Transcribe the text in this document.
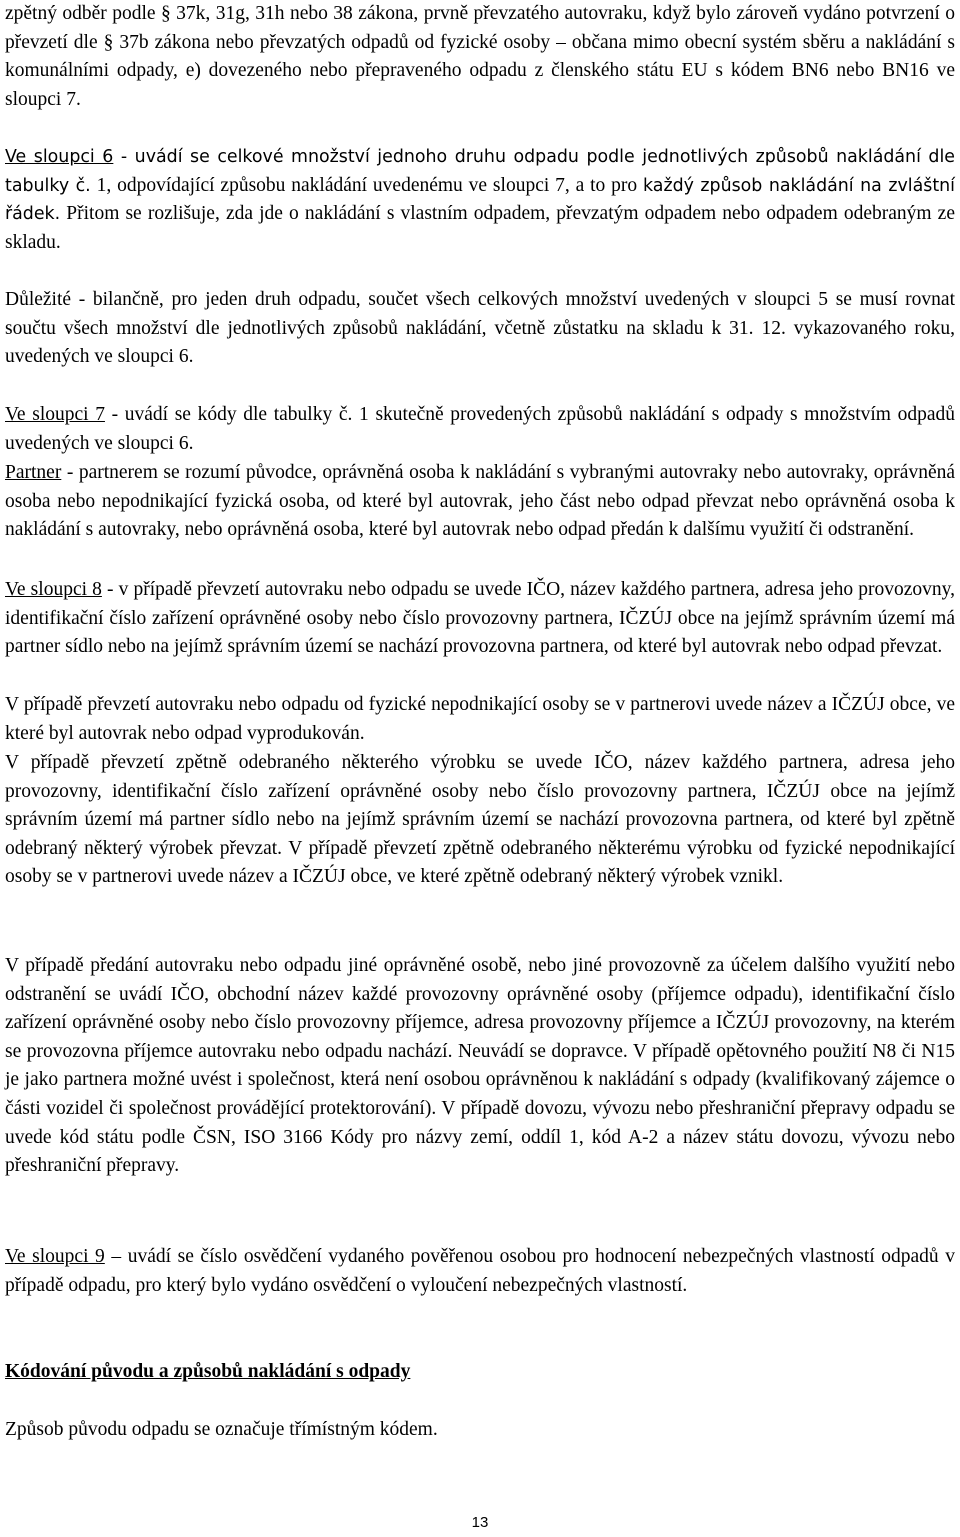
zpětný odběr podle § 37k, 31g, 31h nebo 38 zákona, prvně převzatého autovraku, když bylo zároveň vydáno potvrzení o převzetí dle § 37b zákona nebo převzatých odpadů od fyzické osoby – občana mimo obecní systém sběru a nakládání s komunálními odpady, e) dovezeného nebo přepraveného odpadu z členského státu EU s kódem BN6 nebo BN16 ve sloupci 7.

Ve sloupci 6 - uvádí se celkové množství jednoho druhu odpadu podle jednotlivých způsobů nakládání dle tabulky č. 1, odpovídající způsobu nakládání uvedenému ve sloupci 7, a to pro každý způsob nakládání na zvláštní řádek. Přitom se rozlišuje, zda jde o nakládání s vlastním odpadem, převzatým odpadem nebo odpadem odebraným ze skladu.

Důležité - bilančně, pro jeden druh odpadu, součet všech celkových množství uvedených v sloupci 5 se musí rovnat součtu všech množství dle jednotlivých způsobů nakládání, včetně zůstatku na skladu k 31. 12. vykazovaného roku, uvedených ve sloupci 6.

Ve sloupci 7 - uvádí se kódy dle tabulky č. 1 skutečně provedených způsobů nakládání s odpady s množstvím odpadů uvedených ve sloupci 6.

Partner - partnerem se rozumí původce, oprávněná osoba k nakládání s vybranými autovraky nebo autovraky, oprávněná osoba nebo nepodnikající fyzická osoba, od které byl autovrak, jeho část nebo odpad převzat nebo oprávněná osoba k nakládání s autovraky, nebo oprávněná osoba, které byl autovrak nebo odpad předán k dalšímu využití či odstranění.

Ve sloupci 8 - v případě převzetí autovraku nebo odpadu se uvede IČO, název každého partnera, adresa jeho provozovny, identifikační číslo zařízení oprávněné osoby nebo číslo provozovny partnera, IČZÚJ obce na jejímž správním území má partner sídlo nebo na jejímž správním území se nachází provozovna partnera, od které byl autovrak nebo odpad převzat.

V případě převzetí autovraku nebo odpadu od fyzické nepodnikající osoby se v partnerovi uvede název a IČZÚJ obce, ve které byl autovrak nebo odpad vyprodukován.

V případě převzetí zpětně odebraného některého výrobku se uvede IČO, název každého partnera, adresa jeho provozovny, identifikační číslo zařízení oprávněné osoby nebo číslo provozovny partnera, IČZÚJ obce na jejímž správním území má partner sídlo nebo na jejímž správním území se nachází provozovna partnera, od které byl zpětně odebraný některý výrobek převzat. V případě převzetí zpětně odebraného některému výrobku od fyzické nepodnikající osoby se v partnerovi uvede název a IČZÚJ obce, ve které zpětně odebraný některý výrobek vznikl.

V případě předání autovraku nebo odpadu jiné oprávněné osobě, nebo jiné provozovně za účelem dalšího využití nebo odstranění se uvádí IČO, obchodní název každé provozovny oprávněné osoby (příjemce odpadu), identifikační číslo zařízení oprávněné osoby nebo číslo provozovny příjemce, adresa provozovny příjemce a IČZÚJ provozovny, na kterém se provozovna příjemce autovraku nebo odpadu nachází. Neuvádí se dopravce. V případě opětovného použití N8 či N15 je jako partnera možné uvést i společnost, která není osobou oprávněnou k nakládání s odpady (kvalifikovaný zájemce o části vozidel či společnost provádějící protektorování). V případě dovozu, vývozu nebo přeshraniční přepravy odpadu se uvede kód státu podle ČSN, ISO 3166 Kódy pro názvy zemí, oddíl 1, kód A-2 a název státu dovozu, vývozu nebo přeshraniční přepravy.

Ve sloupci 9 – uvádí se číslo osvědčení vydaného pověřenou osobou pro hodnocení nebezpečných vlastností odpadů v případě odpadu, pro který bylo vydáno osvědčení o vyloučení nebezpečných vlastností.

Kódování původu a způsobů nakládání s odpady

Způsob původu odpadu se označuje třímístným kódem.

13
